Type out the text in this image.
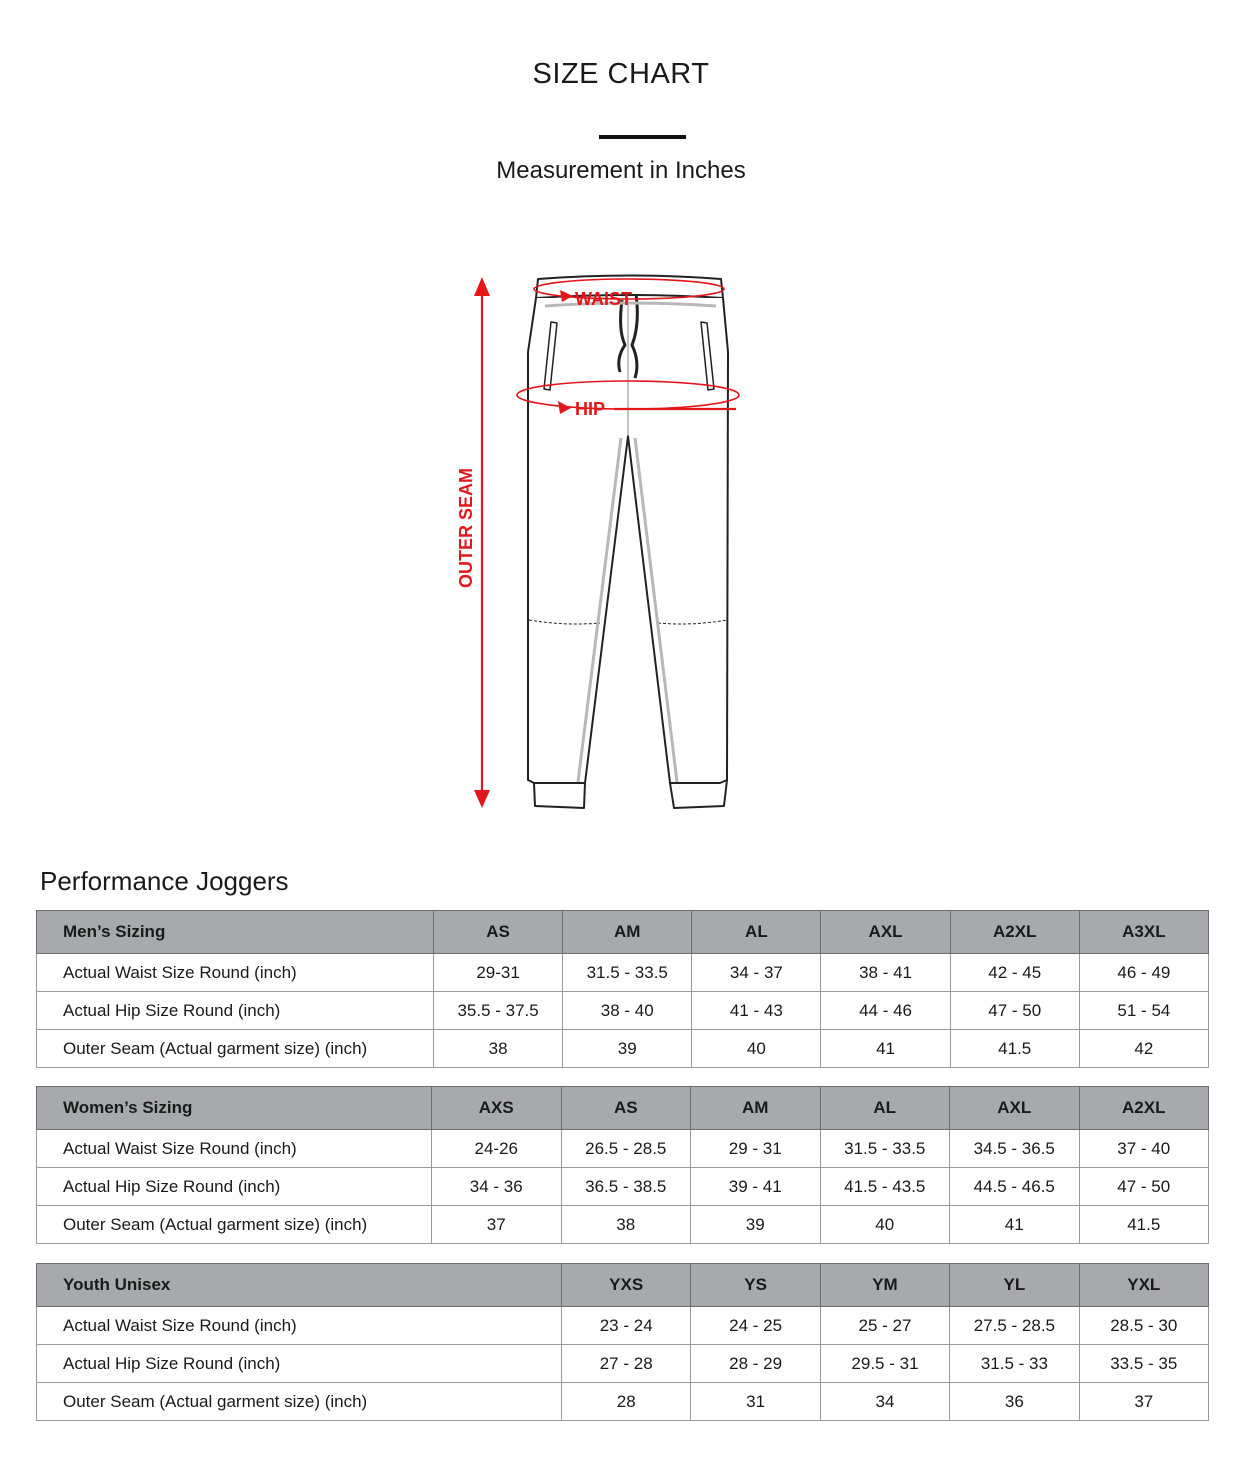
SIZE CHART
Measurement in Inches
WAIST
HIP
OUTER SEAM
Performance Joggers
Men’s Sizing	AS	AM	AL	AXL	A2XL	A3XL
Actual Waist Size Round (inch)	29-31	31.5 - 33.5	34 - 37	38 - 41	42 - 45	46 - 49
Actual Hip Size Round (inch)	35.5 - 37.5	38 - 40	41 - 43	44 - 46	47 - 50	51 - 54
Outer Seam (Actual garment size) (inch)	38	39	40	41	41.5	42
Women’s Sizing	AXS	AS	AM	AL	AXL	A2XL
Actual Waist Size Round (inch)	24-26	26.5 - 28.5	29 - 31	31.5 - 33.5	34.5 - 36.5	37 - 40
Actual Hip Size Round (inch)	34 - 36	36.5 - 38.5	39 - 41	41.5 - 43.5	44.5 - 46.5	47 - 50
Outer Seam (Actual garment size) (inch)	37	38	39	40	41	41.5
Youth Unisex	YXS	YS	YM	YL	YXL
Actual Waist Size Round (inch)	23 - 24	24 - 25	25 - 27	27.5 - 28.5	28.5 - 30
Actual Hip Size Round (inch)	27 - 28	28 - 29	29.5 - 31	31.5 - 33	33.5 - 35
Outer Seam (Actual garment size) (inch)	28	31	34	36	37
